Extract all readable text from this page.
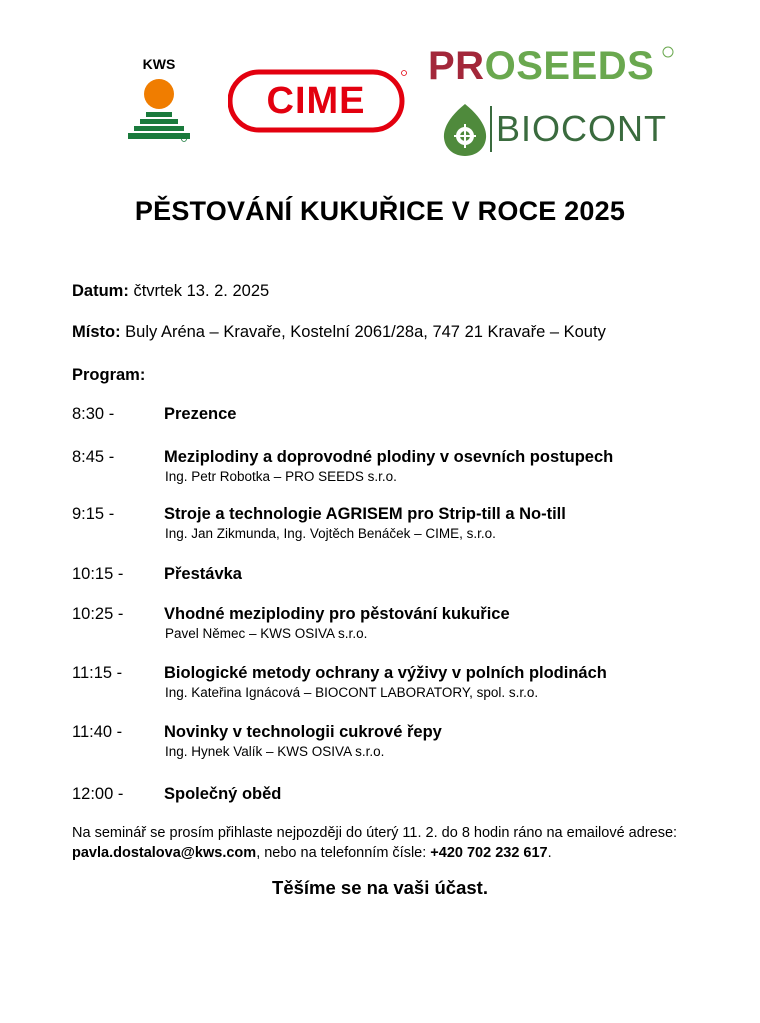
KWS
CIME
PROSEEDS
BIOCONT
PĚSTOVÁNÍ KUKUŘICE V ROCE 2025
Datum: čtvrtek 13. 2. 2025
Místo: Buly Aréna – Kravaře, Kostelní 2061/28a, 747 21 Kravaře – Kouty
Program:
8:30 -	Prezence
8:45 -	Meziplodiny a doprovodné plodiny v osevních postupech
Ing. Petr Robotka – PRO SEEDS s.r.o.
9:15 -	Stroje a technologie AGRISEM pro Strip-till a No-till
Ing. Jan Zikmunda, Ing. Vojtěch Benáček – CIME, s.r.o.
10:15 - Přestávka
10:25 - Vhodné meziplodiny pro pěstování kukuřice
Pavel Němec – KWS OSIVA s.r.o.
11:15 -	Biologické metody ochrany a výživy v polních plodinách
Ing. Kateřina Ignácová – BIOCONT LABORATORY, spol. s.r.o.
11:40 -	Novinky v technologii cukrové řepy
Ing. Hynek Valík – KWS OSIVA s.r.o.
12:00 - Společný oběd
Na seminář se prosím přihlaste nejpozději do úterý 11. 2. do 8 hodin ráno na emailové adrese: pavla.dostalova@kws.com, nebo na telefonním čísle: +420 702 232 617.
Těšíme se na vaši účast.
